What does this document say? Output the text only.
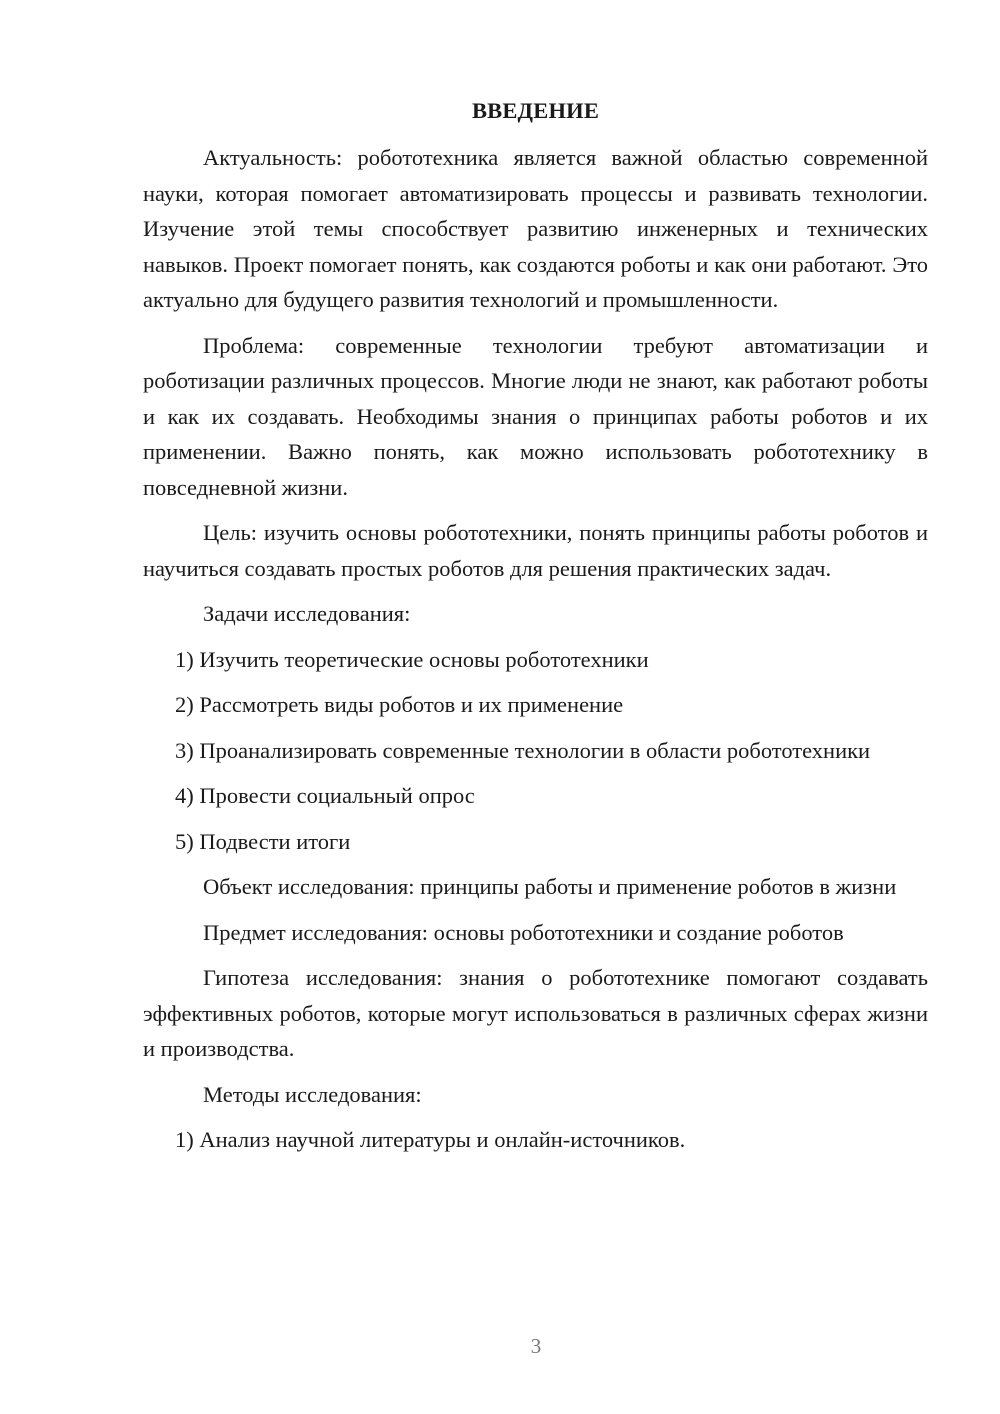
ВВЕДЕНИЕ

Актуальность: робототехника является важной областью современной науки, которая помогает автоматизировать процессы и развивать технологии. Изучение этой темы способствует развитию инженерных и технических навыков. Проект помогает понять, как создаются роботы и как они работают. Это актуально для будущего развития технологий и промышленности.

Проблема: современные технологии требуют автоматизации и роботизации различных процессов. Многие люди не знают, как работают роботы и как их создавать. Необходимы знания о принципах работы роботов и их применении. Важно понять, как можно использовать робототехнику в повседневной жизни.

Цель: изучить основы робототехники, понять принципы работы роботов и научиться создавать простых роботов для решения практических задач.

Задачи исследования:

1) Изучить теоретические основы робототехники

2) Рассмотреть виды роботов и их применение

3) Проанализировать современные технологии в области робототехники

4) Провести социальный опрос

5) Подвести итоги

Объект исследования: принципы работы и применение роботов в жизни

Предмет исследования: основы робототехники и создание роботов

Гипотеза исследования: знания о робототехнике помогают создавать эффективных роботов, которые могут использоваться в различных сферах жизни и производства.

Методы исследования:

1) Анализ научной литературы и онлайн-источников.

3
